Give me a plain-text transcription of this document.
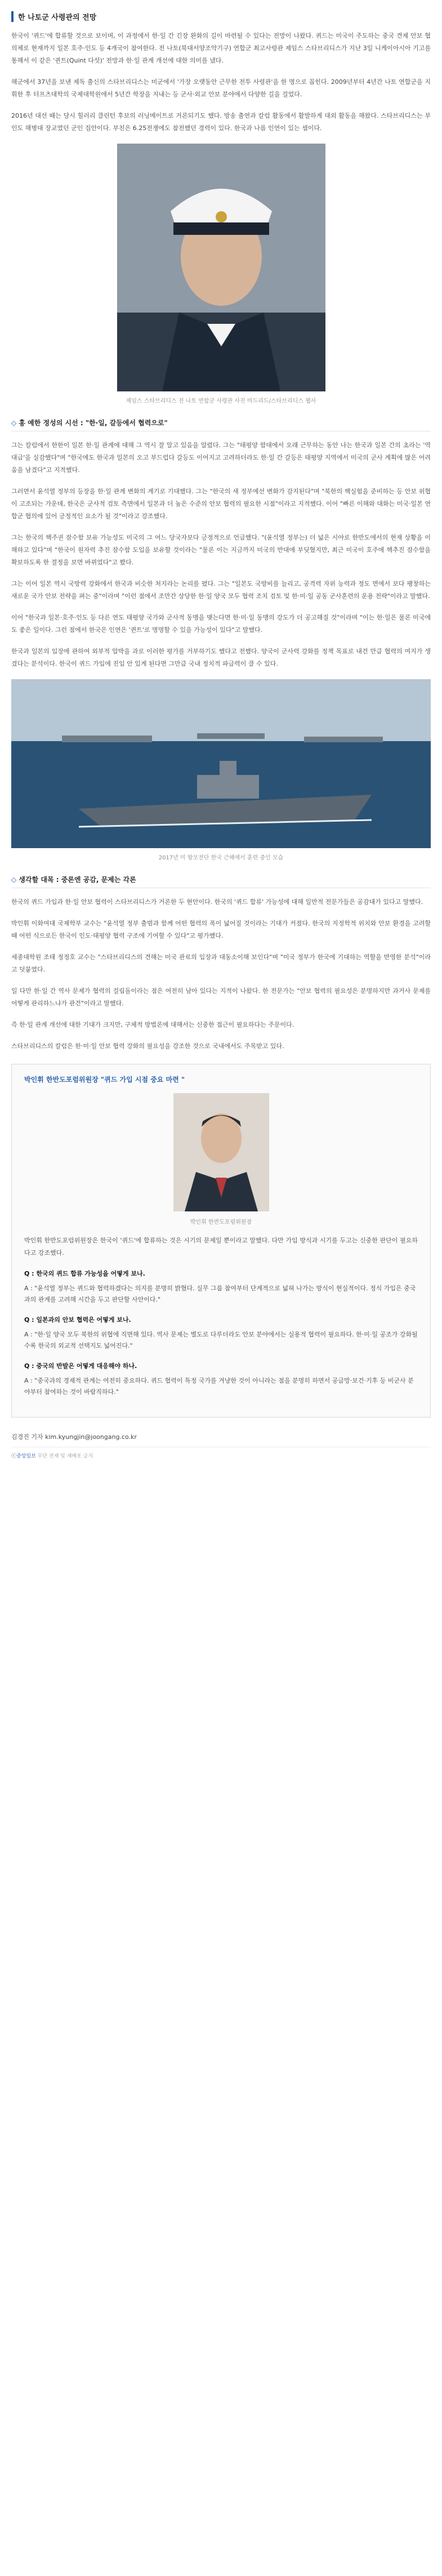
한 나토군 사령관의 전망

한국이 '퀴드'에 합류할 것으로 보이며, 이 과정에서 한·일 간 긴장 완화의 길이 마련될 수 있다는 전망이 나왔다. 퀴드는 미국이 주도하는 중국 견제 안보 협의체로 현재까지 일본 호주·인도 등 4개국이 참여한다. 전 나토(북대서양조약기구) 연합군 최고사령관 제임스 스타브리디스가 지난 3일 니케이아시아 기고를 통해서 이 같은 '퀸트(Quint 다섯)' 전망과 한·일 관계 개선에 대한 의미를 냈다.

해군에서 37년을 보낸 제독 출신의 스타브리디스는 미군에서 '가장 오랫동안 근무한 전투 사령관'을 한 명으로 꼽힌다. 2009년부터 4년간 나토 연합군을 지휘한 후 터프츠대학의 국제대학원에서 5년간 학장을 지내는 등 군사·외교 안보 분야에서 다양한 길을 걸었다.

2016년 대선 때는 당시 힐러리 클린턴 후보의 러닝메이트로 거론되기도 했다. 방송 출연과 칼럼 활동에서 활발하게 대외 활동을 해왔다. 스타브리디스는 부인도 해병대 장교였던 군인 집안이다. 부친은 6.25전쟁에도 참전했던 경력이 있다. 한국과 나름 인연이 있는 셈이다.

제임스 스타브리디스 전 나토 연합군 사령관 사진 마드리드/스타브리디스 웹사
◇ 홍 예한 정성의 시선 : "한·일, 갈등에서 협력으로"

그는 칼럼에서 한한이 일본 한·일 관계에 대해 그 역시 잘 알고 있음을 알렸다. 그는 "태평양 함대에서 오래 근무하는 동안 나는 한국과 일본 간의 초라는 '역대급'을 실감했다"며 "한국에도 한국과 일본의 오고 부드럽다 갈등도 이어지고 고려하더라도 한·일 간 갈등은 태평양 지역에서 미국의 군사 계획에 많은 어려움을 남겼다"고 지적했다.

그러면서 윤석열 정부의 등장을 한·일 관계 변화의 계기로 기대했다. 그는 "한국의 새 정부에선 변화가 감지된다"며 "북한의 핵실험을 준비하는 등 안보 위협이 고조되는 가운데, 한국은 군사적 검토 측면에서 일본과 더 높은 수준의 안보 협력의 필요한 시점"이라고 지적했다. 이어 "빠른 이해와 대화는 미국·일본 연합군 협의에 있어 긍정적인 요소가 될 것"이라고 강조했다.

그는 한국의 핵주권 잠수함 보유 가능성도 미국의 그 어느 당국자보다 긍정적으로 언급했다. "(윤석열 정부는) 더 넓은 시야로 한반도에서의 현재 상황을 이해하고 있다"며 "한국이 원자력 추진 잠수함 도입을 보유할 것이라는 "물론 이는 지금까지 미국의 반대에 부딪혔지만, 최근 미국이 호주에 핵추진 잠수함을 확보하도록 한 결정을 보면 바뀌었다"고 봤다.

그는 이어 일본 역시 국방력 강화에서 한국과 비슷한 처지라는 논리를 폈다. 그는 "일본도 국방비를 늘리고, 공격력 자위 능력과 정도 면에서 보다 팽창하는 새로운 국가 안보 전략을 펴는 중"이라며 "이런 점에서 조만간 상당한 한·일 양국 모두 협력 조치 검토 및 한·미·일 공동 군사훈련의 운용 전략"이라고 말했다.

이어 "한국과 일본·호주·인도 등 다른 연도 태평양 국가와 군사적 동맹을 맺는다면 한·미·일 동맹의 강도가 더 공고해질 것"이라며 "이는 한·일은 물론 미국에도 좋은 일이다. 그런 점에서 한국은 인연은 '퀸트'로 명명할 수 있을 가능성이 있다"고 말했다.

한국과 일본의 입장에 관하여 외부적 압박을 과로 이러한 평가를 거부하기도 했다고 전했다. 양국이 군사력 강화를 정책 목표로 내건 만큼 협력의 여지가 생겼다는 분석이다. 한국이 퀴드 가입에 진입 안 있게 된다면 그만큼 국내 정치적 파급력이 클 수 있다.

2017년 미 항모전단 한국 근해에서 훈련 중인 모습
◇ 생각할 대목 : 중론엔 공감, 문제는 각론

한국의 퀴드 가입과 한·일 안보 협력이 스타브리디스가 거론한 두 현안이다. 한국의 '퀴드 합류' 가능성에 대해 일반적 전문가들은 공감대가 있다고 말했다.

박인휘 이화여대 국제학부 교수는 "윤석열 정부 출범과 함께 어떤 협력의 폭이 넓어질 것이라는 기대가 커졌다. 한국의 지정학적 위치와 안보 환경을 고려할 때 어떤 식으로든 한국이 인도·태평양 협력 구조에 기여할 수 있다"고 평가했다.

세종대학원 조태 정정호 교수는 "스타브리디스의 견해는 미국 관료의 입장과 대동소이해 보인다"며 "미국 정부가 한국에 기대하는 역할을 반영한 분석"이라고 덧붙였다.

일 다만 한·일 간 역사 문제가 협력의 걸림돌이라는 점은 여전히 남아 있다는 지적이 나왔다. 한 전문가는 "안보 협력의 필요성은 분명하지만 과거사 문제를 어떻게 관리하느냐가 관건"이라고 말했다.

즉 한·일 관계 개선에 대한 기대가 크지만, 구체적 방법론에 대해서는 신중한 접근이 필요하다는 주문이다.

스타브리디스의 칼럼은 한·미·일 안보 협력 강화의 필요성을 강조한 것으로 국내에서도 주목받고 있다.

박인휘 한반도포럼위원장 "퀴드 가입 시점 중요 마련 "
박인휘 한반도포럼위원장

박인휘 한반도포럼위원장은 한국이 '퀴드'에 합류하는 것은 시기의 문제일 뿐이라고 말했다. 다만 가입 방식과 시기를 두고는 신중한 판단이 필요하다고 강조했다.

Q : 한국의 퀴드 합류 가능성을 어떻게 보나.
A : "윤석열 정부는 퀴드와 협력하겠다는 의지를 분명히 밝혔다. 실무 그룹 참여부터 단계적으로 넓혀 나가는 방식이 현실적이다. 정식 가입은 중국과의 관계를 고려해 시간을 두고 판단할 사안이다."
Q : 일본과의 안보 협력은 어떻게 보나.
A : "한·일 양국 모두 북한의 위협에 직면해 있다. 역사 문제는 별도로 다루더라도 안보 분야에서는 실용적 협력이 필요하다. 한·미·일 공조가 강화될수록 한국의 외교적 선택지도 넓어진다."
Q : 중국의 반발은 어떻게 대응해야 하나.
A : "중국과의 경제적 관계는 여전히 중요하다. 퀴드 협력이 특정 국가를 겨냥한 것이 아니라는 점을 분명히 하면서 공급망·보건·기후 등 비군사 분야부터 참여하는 것이 바람직하다."
김경진 기자 kim.kyungjin@joongang.co.kr
ⓒ중앙일보 무단 전재 및 재배포 금지
